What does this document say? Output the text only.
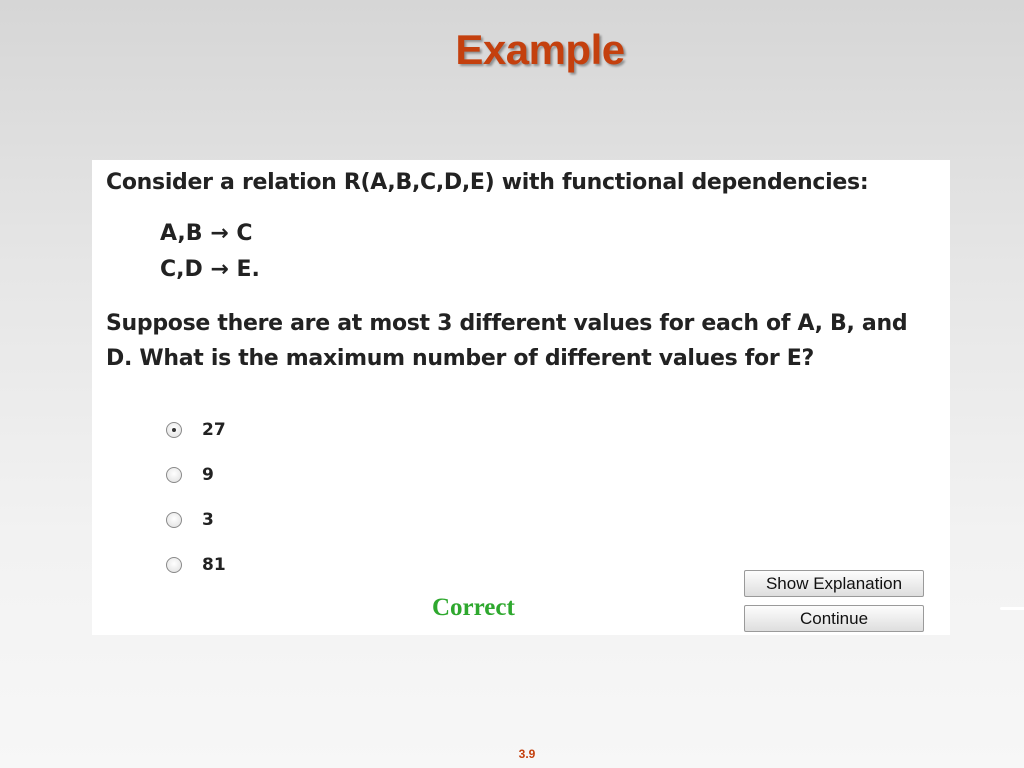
Example
Consider a relation R(A,B,C,D,E) with functional dependencies:
A,B → C
C,D → E.
Suppose there are at most 3 different values for each of A, B, and D. What is the maximum number of different values for E?
27
9
3
81
Correct
Show Explanation
Continue
3.9
